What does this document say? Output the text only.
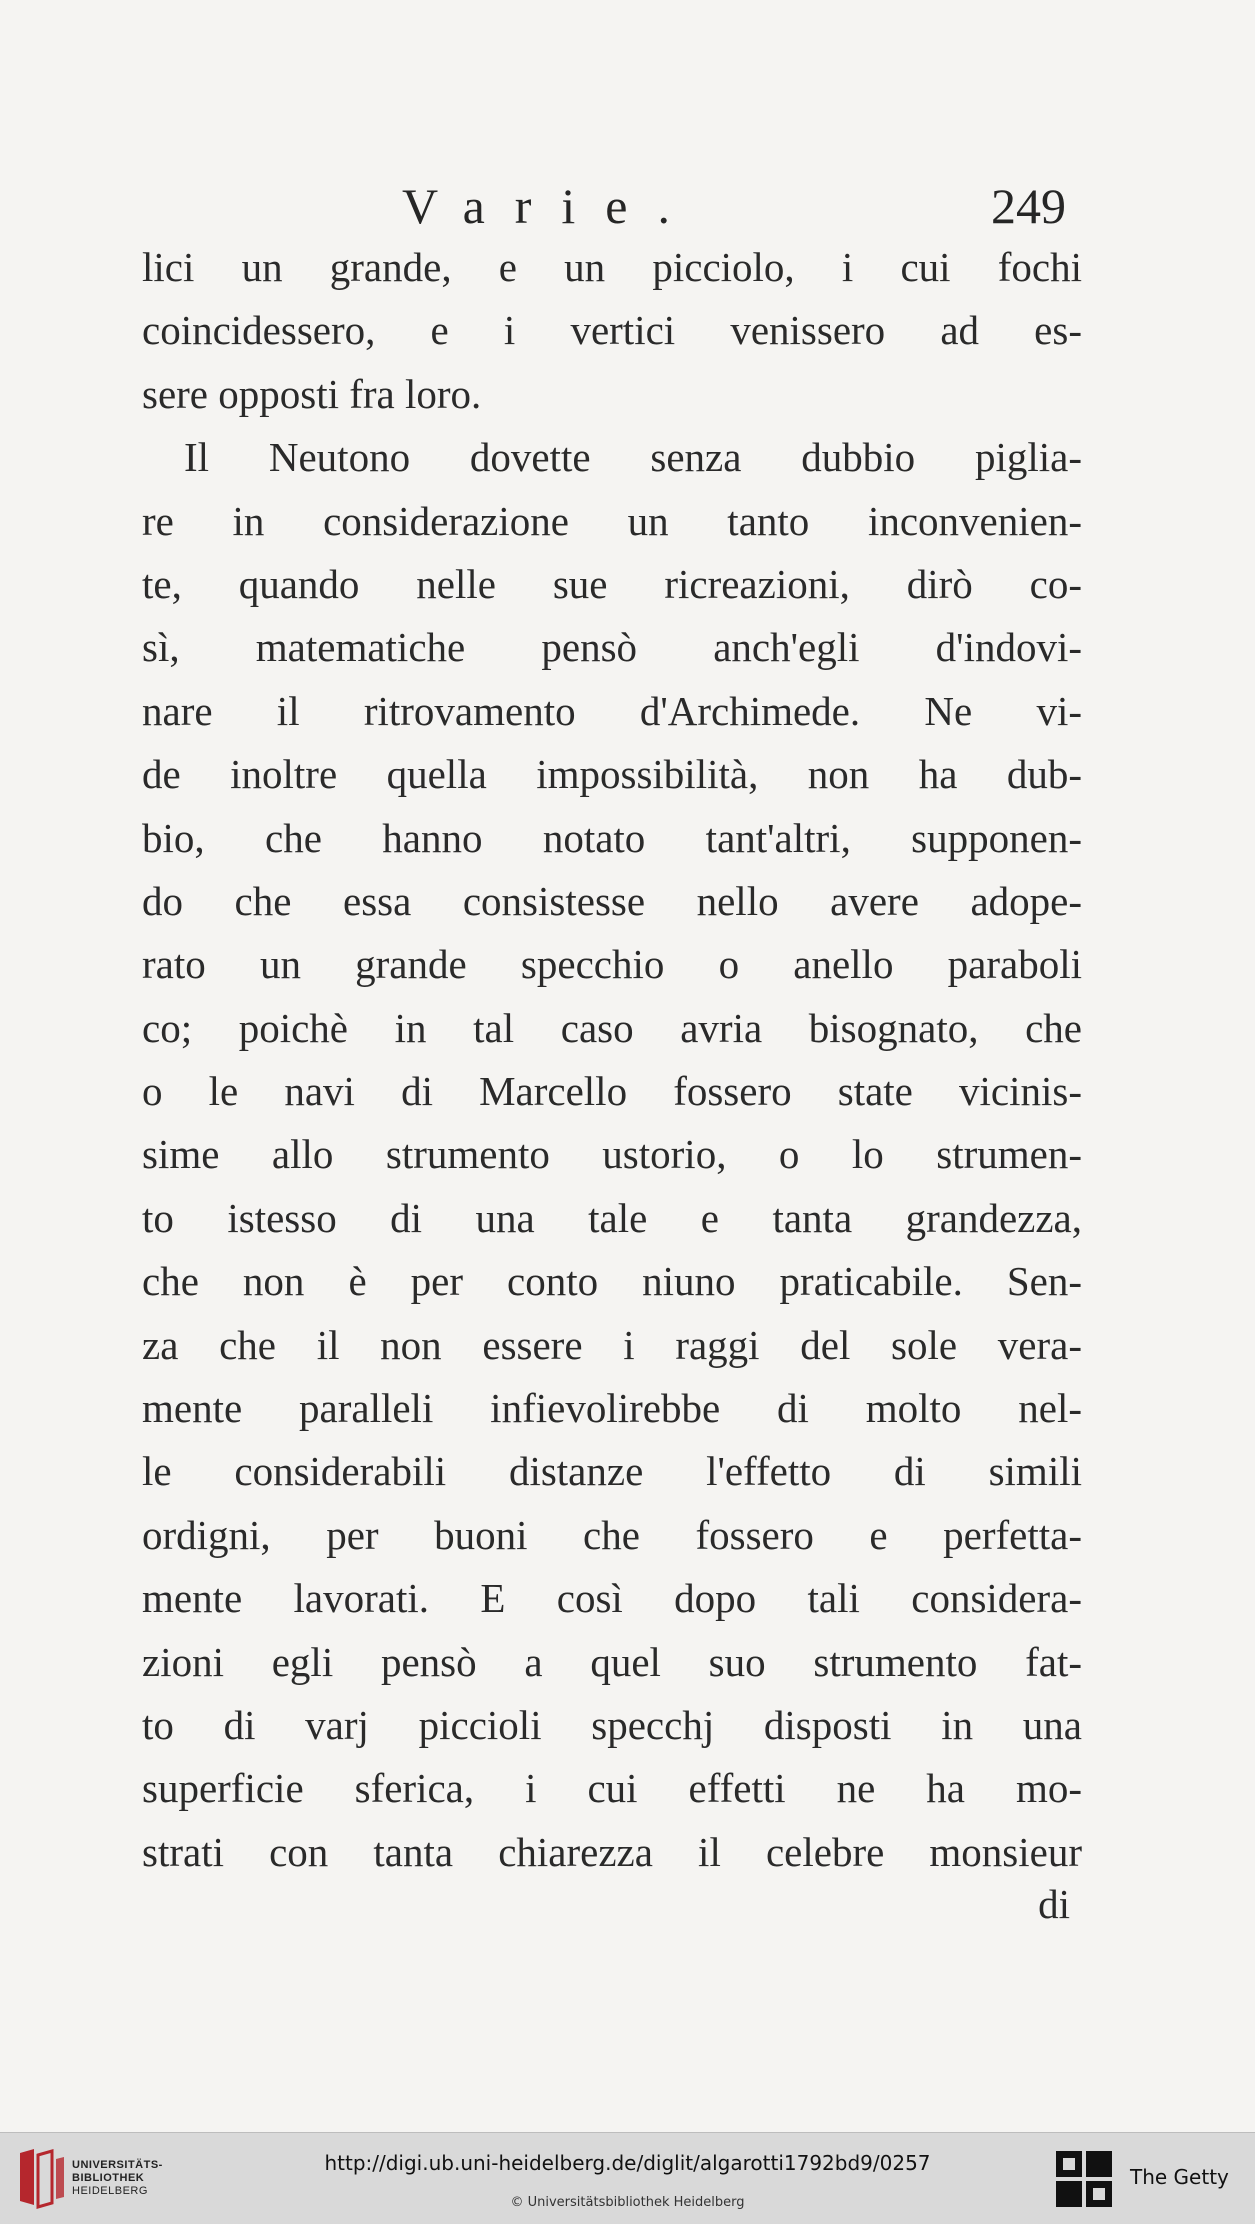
Varie.	249
lici un grande, e un picciolo, i cui fochi
coincidessero, e i vertici venissero ad es-
sere opposti fra loro.
Il Neutono dovette senza dubbio piglia-
re in considerazione un tanto inconvenien-
te, quando nelle sue ricreazioni, dirò co-
sì, matematiche pensò anch'egli d'indovi-
nare il ritrovamento d'Archimede. Ne vi-
de inoltre quella impossibilità, non ha dub-
bio, che hanno notato tant'altri, supponen-
do che essa consistesse nello avere adope-
rato un grande specchio o anello paraboli
co; poichè in tal caso avria bisognato, che
o le navi di Marcello fossero state vicinis-
sime allo strumento ustorio, o lo strumen-
to istesso di una tale e tanta grandezza,
che non è per conto niuno praticabile. Sen-
za che il non essere i raggi del sole vera-
mente paralleli infievolirebbe di molto nel-
le considerabili distanze l'effetto di simili
ordigni, per buoni che fossero e perfetta-
mente lavorati. E così dopo tali considera-
zioni egli pensò a quel suo strumento fat-
to di varj piccioli specchj disposti in una
superficie sferica, i cui effetti ne ha mo-
strati con tanta chiarezza il celebre monsieur
di
UNIVERSITÄTS-
BIBLIOTHEK
HEIDELBERG
http://digi.ub.uni-heidelberg.de/diglit/algarotti1792bd9/0257
© Universitätsbibliothek Heidelberg
The Getty
